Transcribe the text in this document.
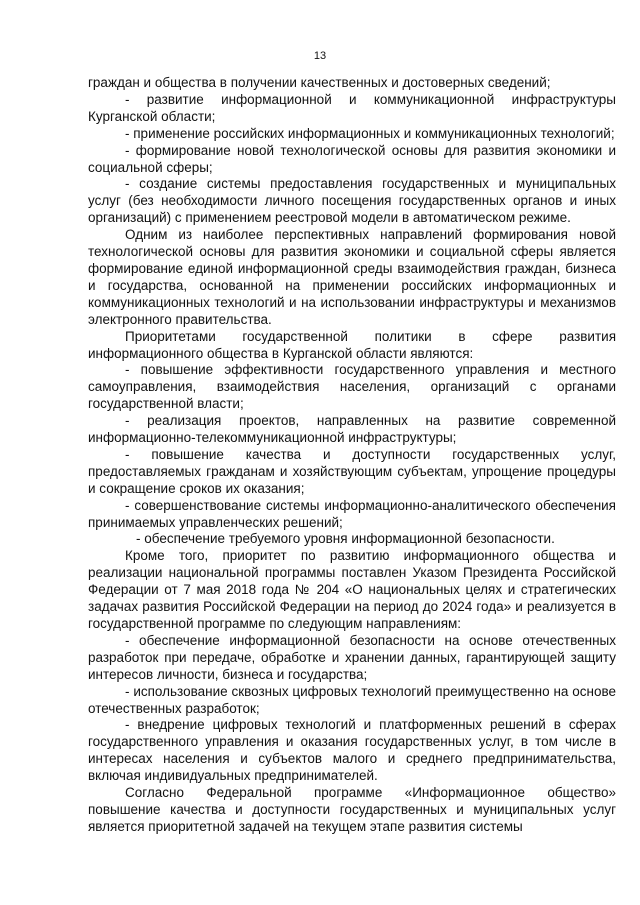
13

граждан и общества в получении качественных и достоверных сведений;

- развитие информационной и коммуникационной инфраструктуры Курганской области;

- применение российских информационных и коммуникационных технологий;

- формирование новой технологической основы для развития экономики и социальной сферы;

- создание системы предоставления государственных и муниципальных услуг (без необходимости личного посещения государственных органов и иных организаций) с применением реестровой модели в автоматическом режиме.

Одним из наиболее перспективных направлений формирования новой технологической основы для развития экономики и социальной сферы является формирование единой информационной среды взаимодействия граждан, бизнеса и государства, основанной на применении российских информационных и коммуникационных технологий и на использовании инфраструктуры и механизмов электронного правительства.

Приоритетами государственной политики в сфере развития информационного общества в Курганской области являются:

- повышение эффективности государственного управления и местного самоуправления, взаимодействия населения, организаций с органами государственной власти;

- реализация проектов, направленных на развитие современной информационно-телекоммуникационной инфраструктуры;

- повышение качества и доступности государственных услуг, предоставляемых гражданам и хозяйствующим субъектам, упрощение процедуры и сокращение сроков их оказания;

- совершенствование системы информационно-аналитического обеспечения принимаемых управленческих решений;

- обеспечение требуемого уровня информационной безопасности.

Кроме того, приоритет по развитию информационного общества и реализации национальной программы поставлен Указом Президента Российской Федерации от 7 мая 2018 года № 204 «О национальных целях и стратегических задачах развития Российской Федерации на период до 2024 года» и реализуется в государственной программе по следующим направлениям:

- обеспечение информационной безопасности на основе отечественных разработок при передаче, обработке и хранении данных, гарантирующей защиту интересов личности, бизнеса и государства;

- использование сквозных цифровых технологий преимущественно на основе отечественных разработок;

- внедрение цифровых технологий и платформенных решений в сферах государственного управления и оказания государственных услуг, в том числе в интересах населения и субъектов малого и среднего предпринимательства, включая индивидуальных предпринимателей.

Согласно Федеральной программе «Информационное общество» повышение качества и доступности государственных и муниципальных услуг является приоритетной задачей на текущем этапе развития системы
